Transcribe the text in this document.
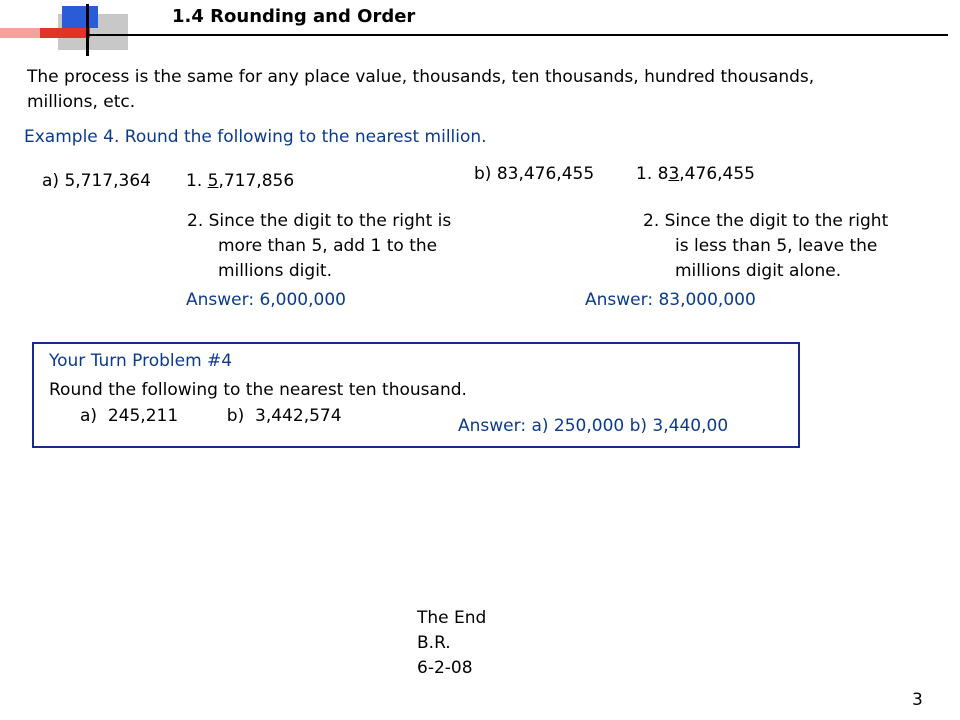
1.4 Rounding and Order
The process is the same for any place value, thousands, ten thousands, hundred thousands,
millions, etc.
Example 4. Round the following to the nearest million.
a) 5,717,364 1. 5,717,856
2. Since the digit to the right is
more than 5, add 1 to the
millions digit.
Answer: 6,000,000
b) 83,476,455 1. 83,476,455
2. Since the digit to the right
is less than 5, leave the
millions digit alone.
Answer: 83,000,000
Your Turn Problem #4
Round the following to the nearest ten thousand.
a)  245,211         b)  3,442,574	Answer: a) 250,000 b) 3,440,00
The End
B.R.
6-2-08
3
